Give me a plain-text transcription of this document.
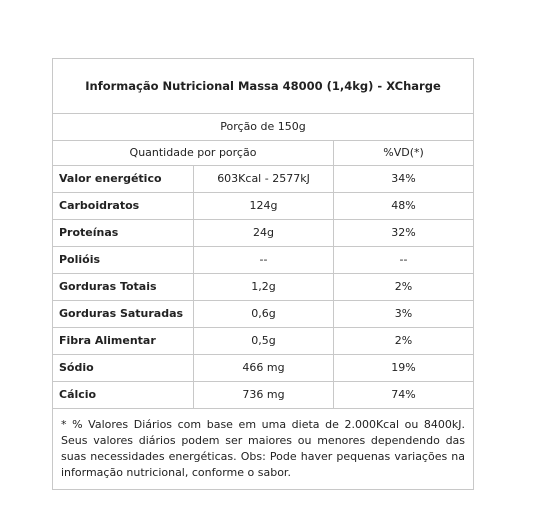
Informação Nutricional Massa 48000 (1,4kg) - XCharge		
Porção de 150g		
Quantidade por porção		%VD(*)
Valor energético	603Kcal - 2577kJ	34%
Carboidratos	124g	48%
Proteínas	24g	32%
Polióis	--	--
Gorduras Totais	1,2g	2%
Gorduras Saturadas	0,6g	3%
Fibra Alimentar	0,5g	2%
Sódio	466 mg	19%
Cálcio	736 mg	74%
* % Valores Diários com base em uma dieta de 2.000Kcal ou 8400kJ. Seus valores diários podem ser maiores ou menores dependendo das suas necessidades energéticas. Obs: Pode haver pequenas variações na informação nutricional, conforme o sabor.		
